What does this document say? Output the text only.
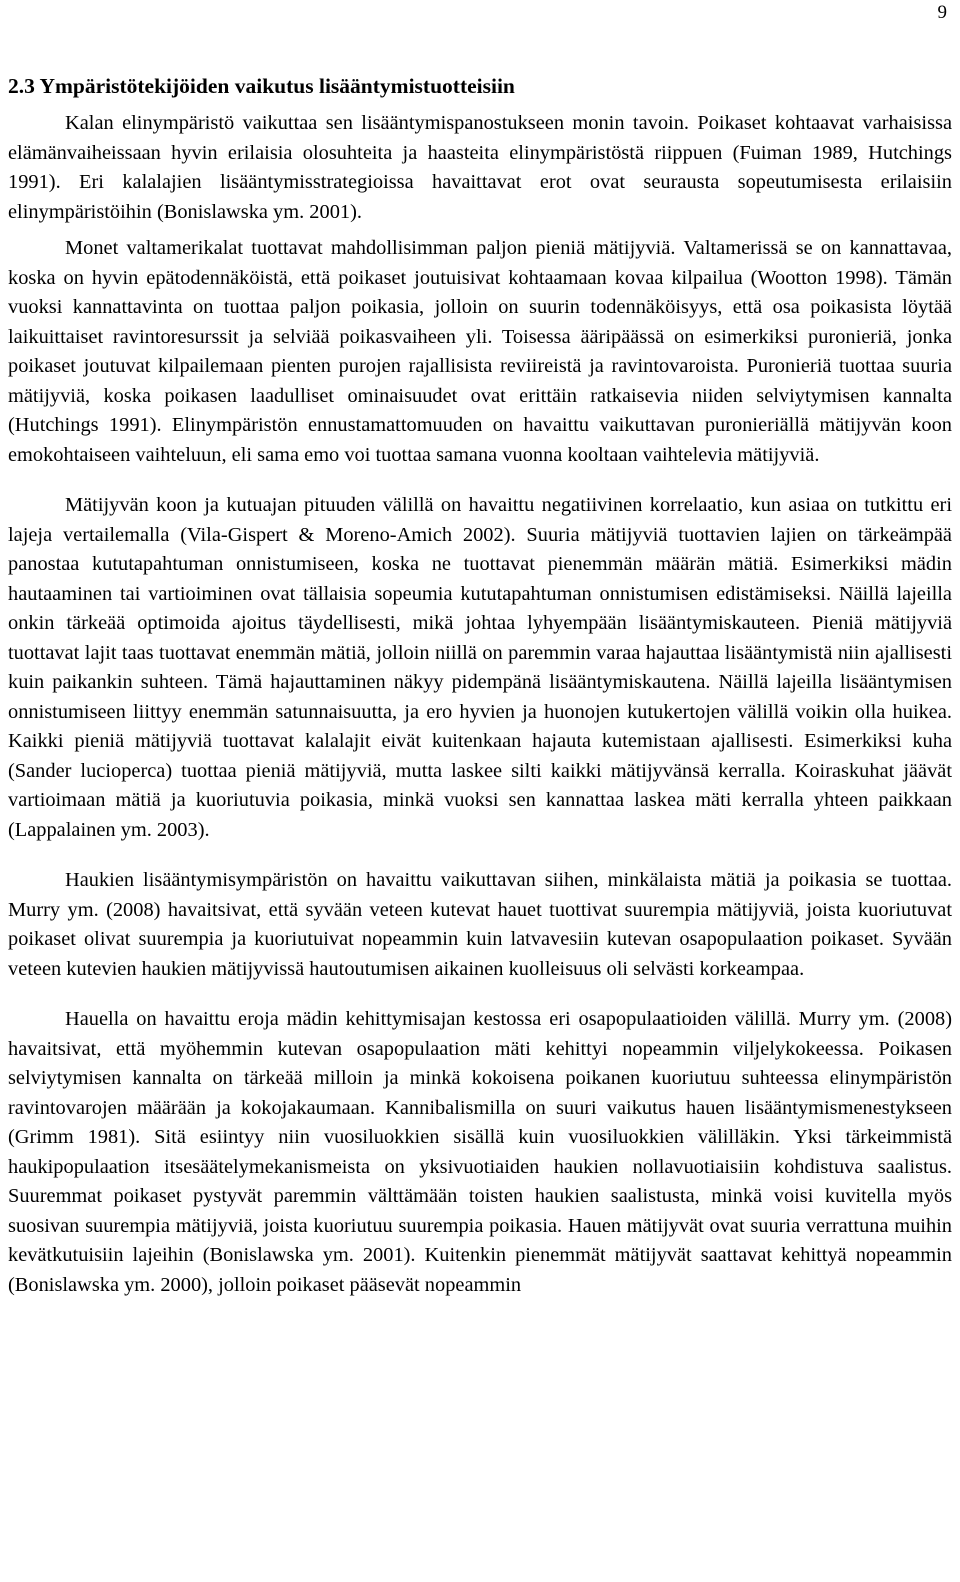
9
2.3 Ympäristötekijöiden vaikutus lisääntymistuotteisiin

Kalan elinympäristö vaikuttaa sen lisääntymispanostukseen monin tavoin. Poikaset kohtaavat varhaisissa elämänvaiheissaan hyvin erilaisia olosuhteita ja haasteita elinympäristöstä riippuen (Fuiman 1989, Hutchings 1991). Eri kalalajien lisääntymisstrategioissa havaittavat erot ovat seurausta sopeutumisesta erilaisiin elinympäristöihin (Bonislawska ym. 2001).

Monet valtamerikalat tuottavat mahdollisimman paljon pieniä mätijyviä. Valtamerissä se on kannattavaa, koska on hyvin epätodennäköistä, että poikaset joutuisivat kohtaamaan kovaa kilpailua (Wootton 1998). Tämän vuoksi kannattavinta on tuottaa paljon poikasia, jolloin on suurin todennäköisyys, että osa poikasista löytää laikuittaiset ravintoresurssit ja selviää poikasvaiheen yli. Toisessa ääripäässä on esimerkiksi puronieriä, jonka poikaset joutuvat kilpailemaan pienten purojen rajallisista reviireistä ja ravintovaroista. Puronieriä tuottaa suuria mätijyviä, koska poikasen laadulliset ominaisuudet ovat erittäin ratkaisevia niiden selviytymisen kannalta (Hutchings 1991). Elinympäristön ennustamattomuuden on havaittu vaikuttavan puronieriällä mätijyvän koon emokohtaiseen vaihteluun, eli sama emo voi tuottaa samana vuonna kooltaan vaihtelevia mätijyviä.

Mätijyvän koon ja kutuajan pituuden välillä on havaittu negatiivinen korrelaatio, kun asiaa on tutkittu eri lajeja vertailemalla (Vila-Gispert & Moreno-Amich 2002). Suuria mätijyviä tuottavien lajien on tärkeämpää panostaa kututapahtuman onnistumiseen, koska ne tuottavat pienemmän määrän mätiä. Esimerkiksi mädin hautaaminen tai vartioiminen ovat tällaisia sopeumia kututapahtuman onnistumisen edistämiseksi. Näillä lajeilla onkin tärkeää optimoida ajoitus täydellisesti, mikä johtaa lyhyempään lisääntymiskauteen. Pieniä mätijyviä tuottavat lajit taas tuottavat enemmän mätiä, jolloin niillä on paremmin varaa hajauttaa lisääntymistä niin ajallisesti kuin paikankin suhteen. Tämä hajauttaminen näkyy pidempänä lisääntymiskautena. Näillä lajeilla lisääntymisen onnistumiseen liittyy enemmän satunnaisuutta, ja ero hyvien ja huonojen kutukertojen välillä voikin olla huikea. Kaikki pieniä mätijyviä tuottavat kalalajit eivät kuitenkaan hajauta kutemistaan ajallisesti. Esimerkiksi kuha (Sander lucioperca) tuottaa pieniä mätijyviä, mutta laskee silti kaikki mätijyvänsä kerralla. Koiraskuhat jäävät vartioimaan mätiä ja kuoriutuvia poikasia, minkä vuoksi sen kannattaa laskea mäti kerralla yhteen paikkaan (Lappalainen ym. 2003).

Haukien lisääntymisympäristön on havaittu vaikuttavan siihen, minkälaista mätiä ja poikasia se tuottaa. Murry ym. (2008) havaitsivat, että syvään veteen kutevat hauet tuottivat suurempia mätijyviä, joista kuoriutuvat poikaset olivat suurempia ja kuoriutuivat nopeammin kuin latvavesiin kutevan osapopulaation poikaset. Syvään veteen kutevien haukien mätijyvissä hautoutumisen aikainen kuolleisuus oli selvästi korkeampaa.

Hauella on havaittu eroja mädin kehittymisajan kestossa eri osapopulaatioiden välillä. Murry ym. (2008) havaitsivat, että myöhemmin kutevan osapopulaation mäti kehittyi nopeammin viljelykokeessa. Poikasen selviytymisen kannalta on tärkeää milloin ja minkä kokoisena poikanen kuoriutuu suhteessa elinympäristön ravintovarojen määrään ja kokojakaumaan. Kannibalismilla on suuri vaikutus hauen lisääntymismenestykseen (Grimm 1981). Sitä esiintyy niin vuosiluokkien sisällä kuin vuosiluokkien välilläkin. Yksi tärkeimmistä haukipopulaation itsesäätelymekanismeista on yksivuotiaiden haukien nollavuotiaisiin kohdistuva saalistus. Suuremmat poikaset pystyvät paremmin välttämään toisten haukien saalistusta, minkä voisi kuvitella myös suosivan suurempia mätijyviä, joista kuoriutuu suurempia poikasia. Hauen mätijyvät ovat suuria verrattuna muihin kevätkutuisiin lajeihin (Bonislawska ym. 2001). Kuitenkin pienemmät mätijyvät saattavat kehittyä nopeammin (Bonislawska ym. 2000), jolloin poikaset pääsevät nopeammin
